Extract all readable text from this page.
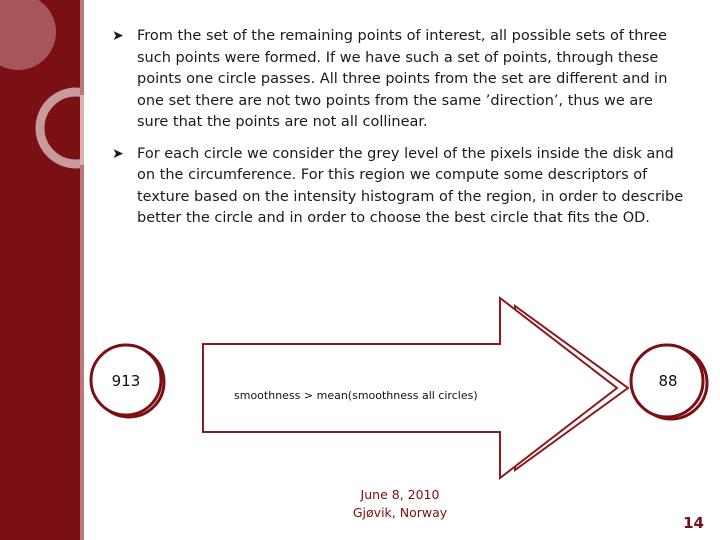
➤ From the set of the remaining points of interest, all possible sets of three such points were formed. If we have such a set of points, through these points one circle passes. All three points from the set are different and in one set there are not two points from the same ’direction’, thus we are sure that the points are not all collinear.
➤ For each circle we consider the grey level of the pixels inside the disk and on the circumference. For this region we compute some descriptors of texture based on the intensity histogram of the region, in order to describe better the circle and in order to choose the best circle that fits the OD.
913
smoothness > mean(smoothness all circles)
88
June 8, 2010
Gjøvik, Norway
14
